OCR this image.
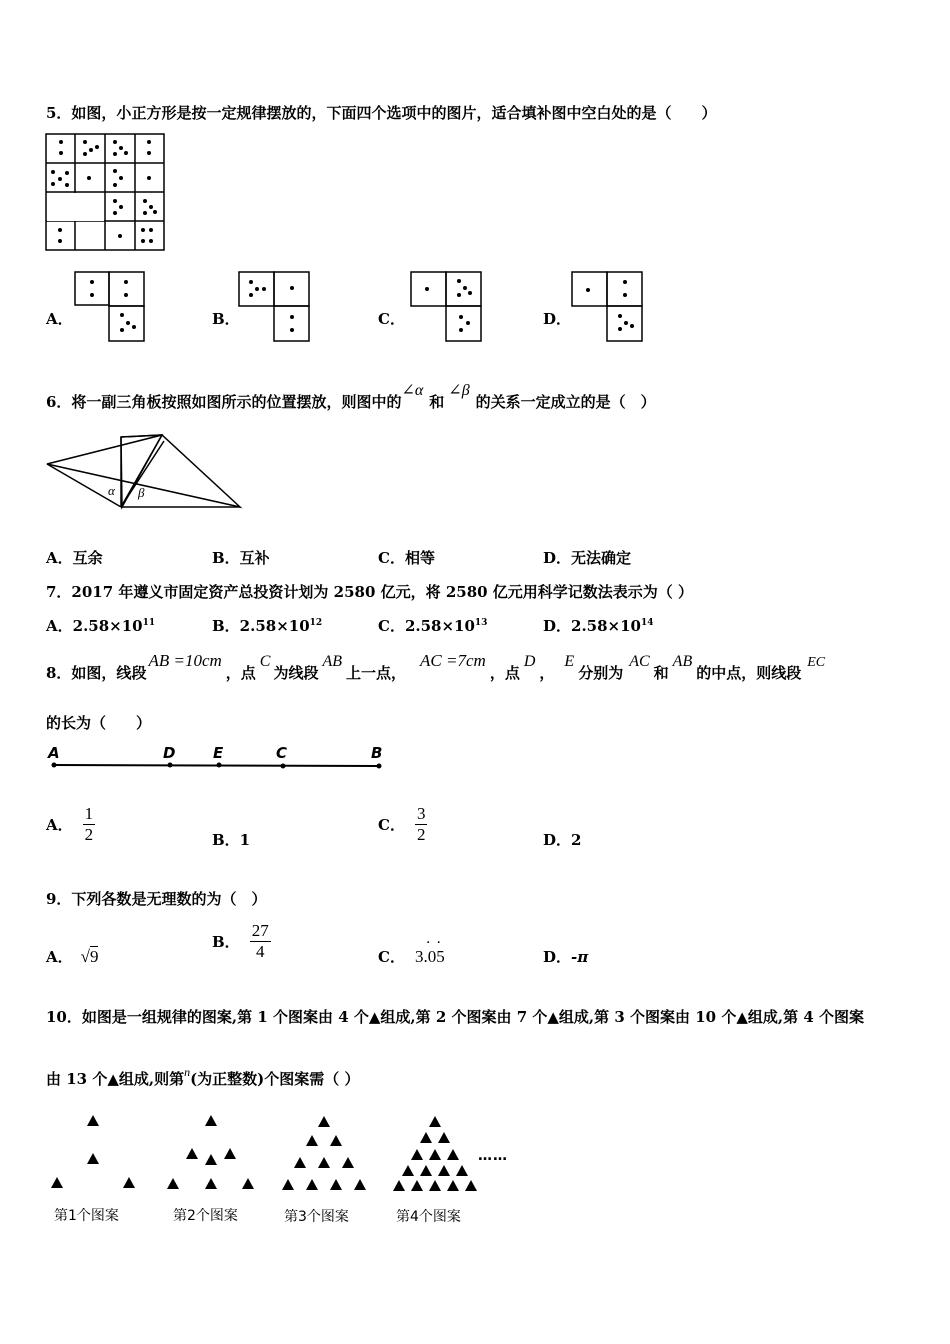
5．如图，小正方形是按一定规律摆放的，下面四个选项中的图片，适合填补图中空白处的是（　　）
A．	B．	C．	D．
6．将一副三角板按照如图所示的位置摆放，则图中的∠α和∠β的关系一定成立的是（　）
α β
A．互余	B．互补	C．相等	D．无法确定
7．2017 年遵义市固定资产总投资计划为 2580 亿元，将 2580 亿元用科学记数法表示为（ ）
A．$2.58\times 10^{11}$	B．$2.58\times 10^{12}$	C．$2.58\times 10^{13}$	D．$2.58\times 10^{14}$
8．如图，线段AB =10cm，点C为线段AB上一点，AC =7cm，点D，E分别为AC和AB的中点，则线段EC
的长为（　　）
A	D	E	C	B
A． $\frac{1}{2}$	B．1
C． $\frac{3}{2}$	D．2
9．下列各数是无理数的为（　）
A． √9
B． $\frac{27}{4}$	C． 3.05
··
D．-π
10．如图是一组规律的图案,第 1 个图案由 4 个▲组成,第 2 个图案由 7 个▲组成,第 3 个图案由 10 个▲组成,第 4 个图案
由 13 个▲组成,则第$^n$(为正整数)个图案需（ ）
……
第1个图案	第2个图案	第3个图案	第4个图案
